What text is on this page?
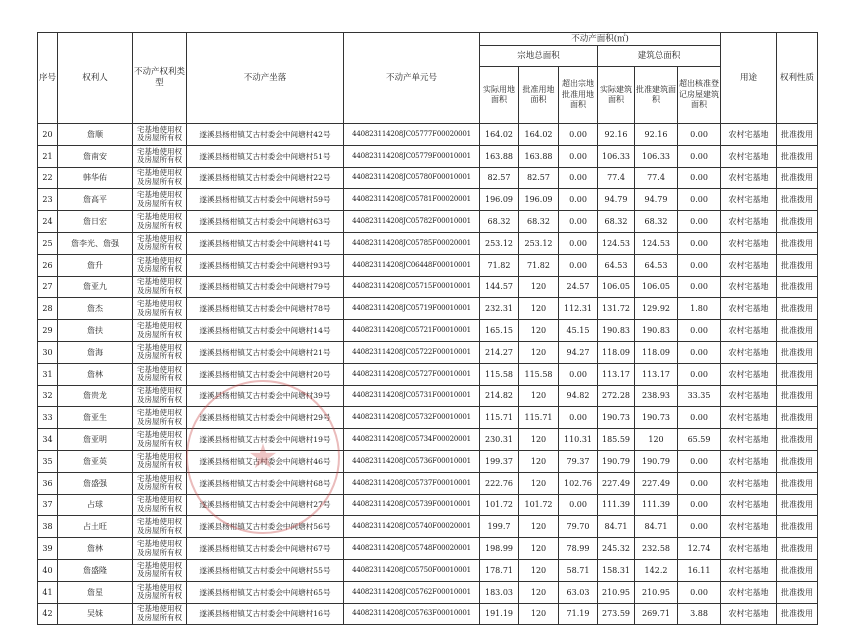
序号	权利人	不动产权利类型	不动产坐落	不动产单元号	不动产面积(㎡)						用途	权利性质
					宗地总面积			建筑总面积				
					实际用地面积	批准用地面积	超出宗地批准用地面积	实际建筑面积	批准建筑面积	超出核准登记房屋建筑面积		
20	詹顺	宅基地使用权及房屋所有权	遂溪县杨柑镇艾古村委会中间塘村42号	440823114208JC05777F00020001	164.02	164.02	0.00	92.16	92.16	0.00	农村宅基地	批准拨用
21	詹南安	宅基地使用权及房屋所有权	遂溪县杨柑镇艾古村委会中间塘村51号	440823114208JC05779F00010001	163.88	163.88	0.00	106.33	106.33	0.00	农村宅基地	批准拨用
22	韩华佑	宅基地使用权及房屋所有权	遂溪县杨柑镇艾古村委会中间塘村22号	440823114208JC05780F00010001	82.57	82.57	0.00	77.4	77.4	0.00	农村宅基地	批准拨用
23	詹高平	宅基地使用权及房屋所有权	遂溪县杨柑镇艾古村委会中间塘村59号	440823114208JC05781F00020001	196.09	196.09	0.00	94.79	94.79	0.00	农村宅基地	批准拨用
24	詹日宏	宅基地使用权及房屋所有权	遂溪县杨柑镇艾古村委会中间塘村63号	440823114208JC05782F00010001	68.32	68.32	0.00	68.32	68.32	0.00	农村宅基地	批准拨用
25	詹李光、詹强	宅基地使用权及房屋所有权	遂溪县杨柑镇艾古村委会中间塘村41号	440823114208JC05785F00020001	253.12	253.12	0.00	124.53	124.53	0.00	农村宅基地	批准拨用
26	詹升	宅基地使用权及房屋所有权	遂溪县杨柑镇艾古村委会中间塘村93号	440823114208JC06448F00010001	71.82	71.82	0.00	64.53	64.53	0.00	农村宅基地	批准拨用
27	詹亚九	宅基地使用权及房屋所有权	遂溪县杨柑镇艾古村委会中间塘村79号	440823114208JC05715F00010001	144.57	120	24.57	106.05	106.05	0.00	农村宅基地	批准拨用
28	詹杰	宅基地使用权及房屋所有权	遂溪县杨柑镇艾古村委会中间塘村78号	440823114208JC05719F00010001	232.31	120	112.31	131.72	129.92	1.80	农村宅基地	批准拨用
29	詹扶	宅基地使用权及房屋所有权	遂溪县杨柑镇艾古村委会中间塘村14号	440823114208JC05721F00010001	165.15	120	45.15	190.83	190.83	0.00	农村宅基地	批准拨用
30	詹海	宅基地使用权及房屋所有权	遂溪县杨柑镇艾古村委会中间塘村21号	440823114208JC05722F00010001	214.27	120	94.27	118.09	118.09	0.00	农村宅基地	批准拨用
31	詹林	宅基地使用权及房屋所有权	遂溪县杨柑镇艾古村委会中间塘村20号	440823114208JC05727F00010001	115.58	115.58	0.00	113.17	113.17	0.00	农村宅基地	批准拨用
32	詹贵龙	宅基地使用权及房屋所有权	遂溪县杨柑镇艾古村委会中间塘村39号	440823114208JC05731F00010001	214.82	120	94.82	272.28	238.93	33.35	农村宅基地	批准拨用
33	詹亚生	宅基地使用权及房屋所有权	遂溪县杨柑镇艾古村委会中间塘村29号	440823114208JC05732F00010001	115.71	115.71	0.00	190.73	190.73	0.00	农村宅基地	批准拨用
34	詹亚明	宅基地使用权及房屋所有权	遂溪县杨柑镇艾古村委会中间塘村19号	440823114208JC05734F00020001	230.31	120	110.31	185.59	120	65.59	农村宅基地	批准拨用
35	詹亚英	宅基地使用权及房屋所有权	遂溪县杨柑镇艾古村委会中间塘村46号	440823114208JC05736F00010001	199.37	120	79.37	190.79	190.79	0.00	农村宅基地	批准拨用
36	詹盛强	宅基地使用权及房屋所有权	遂溪县杨柑镇艾古村委会中间塘村68号	440823114208JC05737F00010001	222.76	120	102.76	227.49	227.49	0.00	农村宅基地	批准拨用
37	占球	宅基地使用权及房屋所有权	遂溪县杨柑镇艾古村委会中间塘村27号	440823114208JC05739F00010001	101.72	101.72	0.00	111.39	111.39	0.00	农村宅基地	批准拨用
38	占土旺	宅基地使用权及房屋所有权	遂溪县杨柑镇艾古村委会中间塘村56号	440823114208JC05740F00020001	199.7	120	79.70	84.71	84.71	0.00	农村宅基地	批准拨用
39	詹林	宅基地使用权及房屋所有权	遂溪县杨柑镇艾古村委会中间塘村67号	440823114208JC05748F00020001	198.99	120	78.99	245.32	232.58	12.74	农村宅基地	批准拨用
40	詹盛隆	宅基地使用权及房屋所有权	遂溪县杨柑镇艾古村委会中间塘村55号	440823114208JC05750F00010001	178.71	120	58.71	158.31	142.2	16.11	农村宅基地	批准拨用
41	詹星	宅基地使用权及房屋所有权	遂溪县杨柑镇艾古村委会中间塘村65号	440823114208JC05762F00010001	183.03	120	63.03	210.95	210.95	0.00	农村宅基地	批准拨用
42	吴妹	宅基地使用权及房屋所有权	遂溪县杨柑镇艾古村委会中间塘村16号	440823114208JC05763F00010001	191.19	120	71.19	273.59	269.71	3.88	农村宅基地	批准拨用
★
